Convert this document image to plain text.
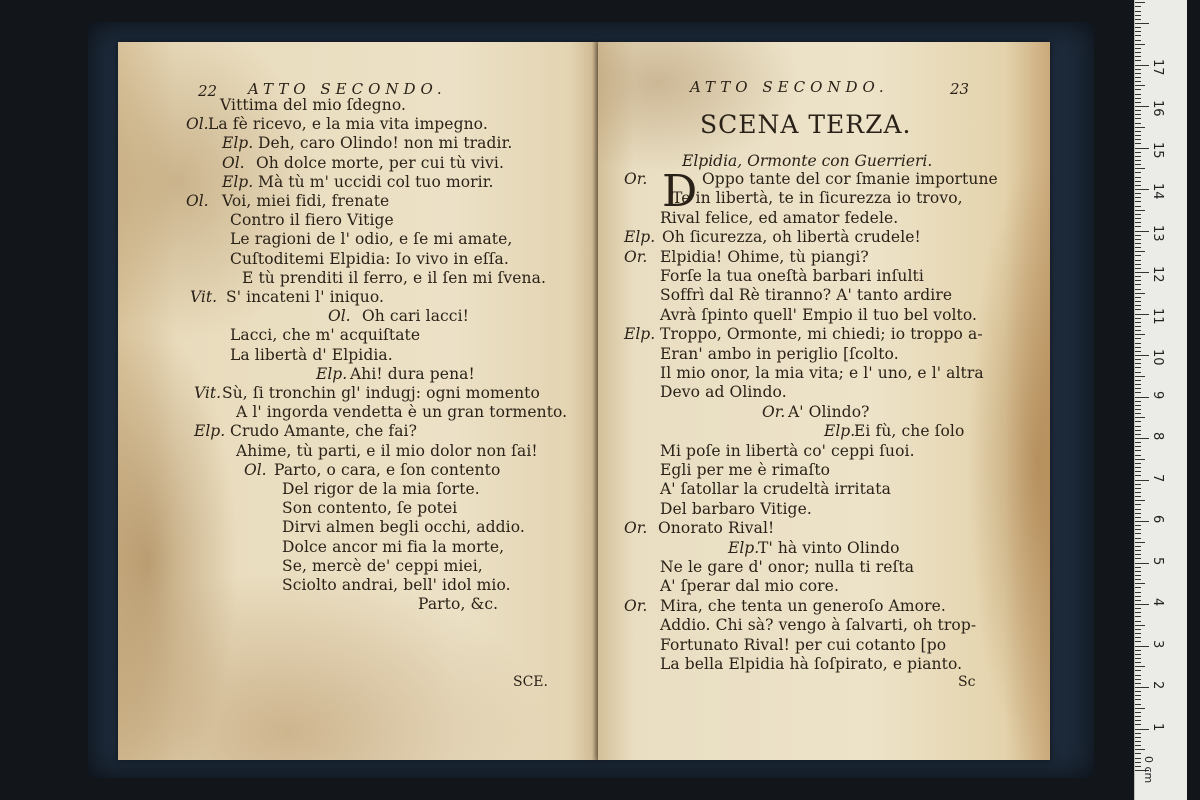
22 ATTO SECONDO.
Vittima del mio ſdegno.
Ol. La fè ricevo, e la mia vita impegno.
Elp. Deh, caro Olindo! non mi tradir.
Ol. Oh dolce morte, per cui tù vivi.
Elp. Mà tù m' uccidi col tuo morir.
Ol. Voi, miei fidi, frenate
Contro il fiero Vitige
Le ragioni de l' odio, e ſe mi amate,
Cuſtoditemi Elpidia: Io vivo in eſſa.
E tù prenditi il ferro, e il ſen mi ſvena.
Vit. S' incateni l' iniquo.
Ol. Oh cari lacci!
Lacci, che m' acquiſtate
La libertà d' Elpidia.
Elp. Ahi! dura pena!
Vit. Sù, ſi tronchin gl' indugj: ogni momento
A l' ingorda vendetta è un gran tormento.
Elp. Crudo Amante, che fai?
Ahime, tù parti, e il mio dolor non ſai!
Ol. Parto, o cara, e ſon contento
Del rigor de la mia ſorte.
Son contento, ſe potei
Dirvi almen begli occhi, addio.
Dolce ancor mi fia la morte,
Se, mercè de' ceppi miei,
Sciolto andrai, bell' idol mio.
Parto, &c.
SCE.
ATTO SECONDO.	23
SCENA TERZA.
Elpidia, Ormonte con Guerrieri.
D
Or.	Oppo tante del cor ſmanie importune
Te in libertà, te in ſicurezza io trovo,
Rival felice, ed amator fedele.
Elp. Oh ſicurezza, oh libertà crudele!
Or. Elpidia! Ohime, tù piangi?
Forſe la tua oneſtà barbari inſulti
Soffrì dal Rè tiranno? A' tanto ardire
Avrà ſpinto quell' Empio il tuo bel volto.
Elp. Troppo, Ormonte, mi chiedi; io troppo a-
Eran' ambo in periglio [ſcolto.
Il mio onor, la mia vita; e l' uno, e l' altra
Devo ad Olindo.
Or. A' Olindo?
Elp.
Ei fù, che ſolo
Mi poſe in libertà co' ceppi ſuoi.
Egli per me è rimaſto
A' ſatollar la crudeltà irritata
Del barbaro Vitige.
Or. Onorato Rival!
Elp.
T' hà vinto Olindo
Ne le gare d' onor; nulla ti reſta
A' ſperar dal mio core.
Or. Mira, che tenta un generoſo Amore.
Addio. Chi sà? vengo à ſalvarti, oh trop-
Fortunato Rival! per cui cotanto [po
La bella Elpidia hà ſoſpirato, e pianto.
Sc
1
2
3
4
5
6
7
8
9
10
11
12
13
14
15
16
17
0 cm
